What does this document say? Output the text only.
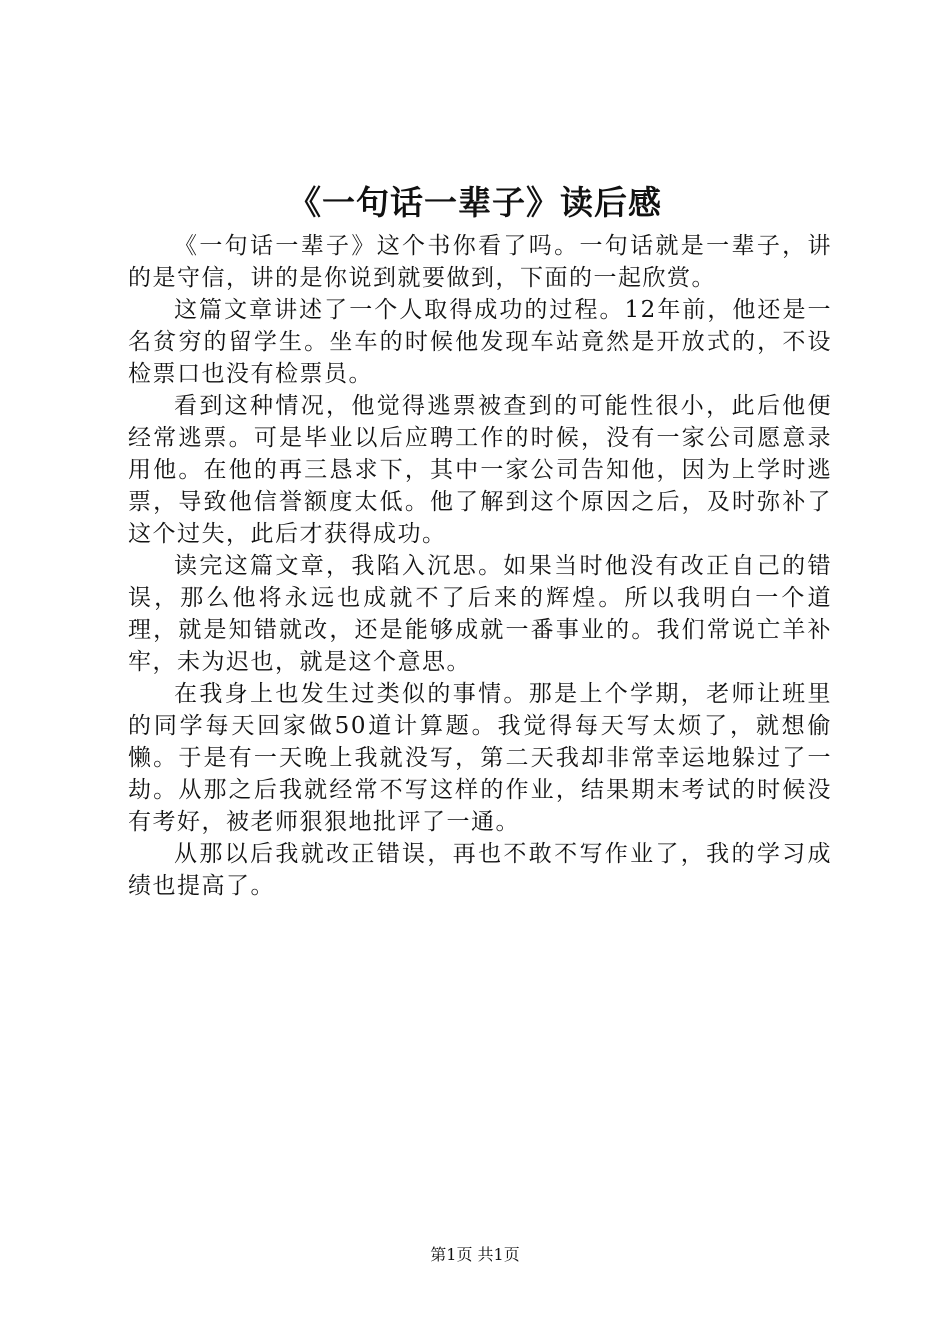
《一句话一辈子》读后感

《一句话一辈子》这个书你看了吗。一句话就是一辈子，讲的是守信，讲的是你说到就要做到，下面的一起欣赏。

这篇文章讲述了一个人取得成功的过程。12年前，他还是一名贫穷的留学生。坐车的时候他发现车站竟然是开放式的，不设检票口也没有检票员。

看到这种情况，他觉得逃票被查到的可能性很小，此后他便经常逃票。可是毕业以后应聘工作的时候，没有一家公司愿意录用他。在他的再三恳求下，其中一家公司告知他，因为上学时逃票，导致他信誉额度太低。他了解到这个原因之后，及时弥补了这个过失，此后才获得成功。

读完这篇文章，我陷入沉思。如果当时他没有改正自己的错误，那么他将永远也成就不了后来的辉煌。所以我明白一个道理，就是知错就改，还是能够成就一番事业的。我们常说亡羊补牢，未为迟也，就是这个意思。

在我身上也发生过类似的事情。那是上个学期，老师让班里的同学每天回家做50道计算题。我觉得每天写太烦了，就想偷懒。于是有一天晚上我就没写，第二天我却非常幸运地躲过了一劫。从那之后我就经常不写这样的作业，结果期末考试的时候没有考好，被老师狠狠地批评了一通。

从那以后我就改正错误，再也不敢不写作业了，我的学习成绩也提高了。

第1页 共1页
